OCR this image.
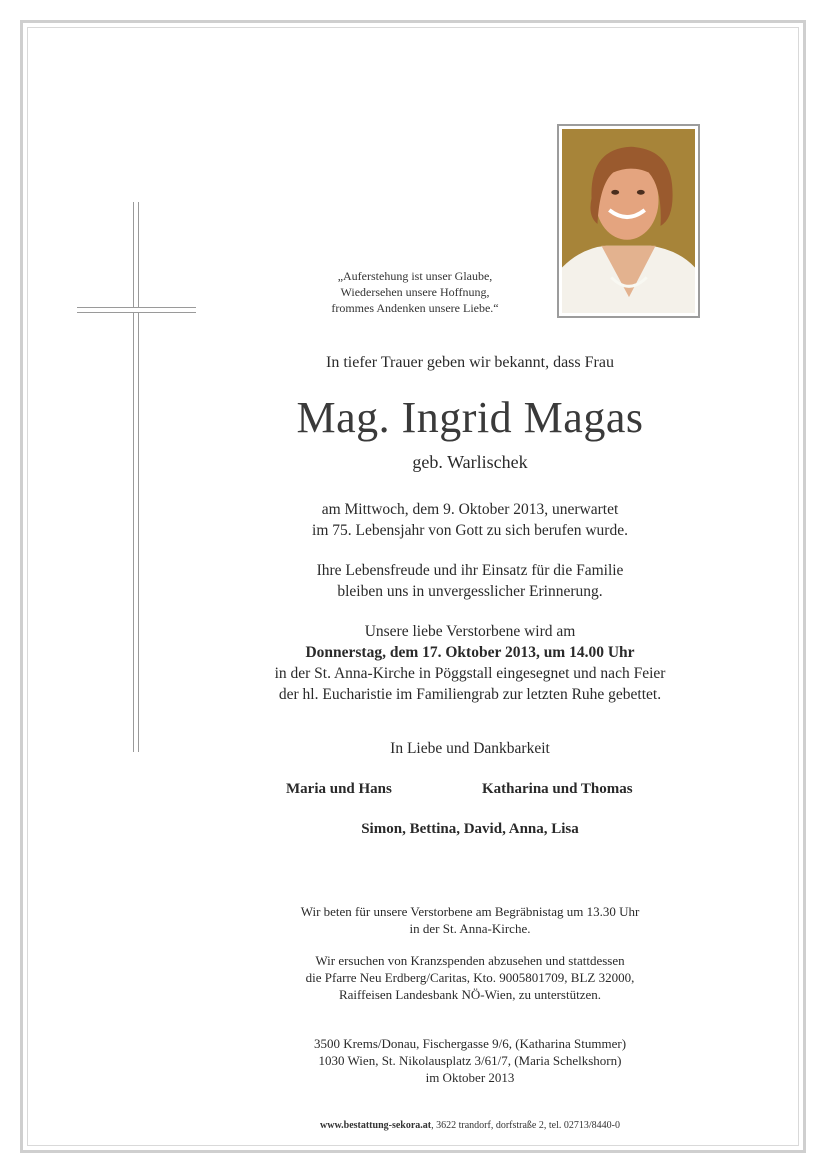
„Auferstehung ist unser Glaube,
Wiedersehen unsere Hoffnung,
frommes Andenken unsere Liebe.“
In tiefer Trauer geben wir bekannt, dass Frau
Mag. Ingrid Magas
geb. Warlischek
am Mittwoch, dem 9. Oktober 2013, unerwartet
im 75. Lebensjahr von Gott zu sich berufen wurde.
Ihre Lebensfreude und ihr Einsatz für die Familie
bleiben uns in unvergesslicher Erinnerung.
Unsere liebe Verstorbene wird am
Donnerstag, dem 17. Oktober 2013, um 14.00 Uhr
in der St. Anna-Kirche in Pöggstall eingesegnet und nach Feier
der hl. Eucharistie im Familiengrab zur letzten Ruhe gebettet.
In Liebe und Dankbarkeit
Maria und Hans	Katharina und Thomas
Simon, Bettina, David, Anna, Lisa
Wir beten für unsere Verstorbene am Begräbnistag um 13.30 Uhr
in der St. Anna-Kirche.
Wir ersuchen von Kranzspenden abzusehen und stattdessen
die Pfarre Neu Erdberg/Caritas, Kto. 9005801709, BLZ 32000,
Raiffeisen Landesbank NÖ-Wien, zu unterstützen.
3500 Krems/Donau, Fischergasse 9/6, (Katharina Stummer)
1030 Wien, St. Nikolausplatz 3/61/7, (Maria Schelkshorn)
im Oktober 2013
www.bestattung-sekora.at, 3622 trandorf, dorfstraße 2, tel. 02713/8440-0
